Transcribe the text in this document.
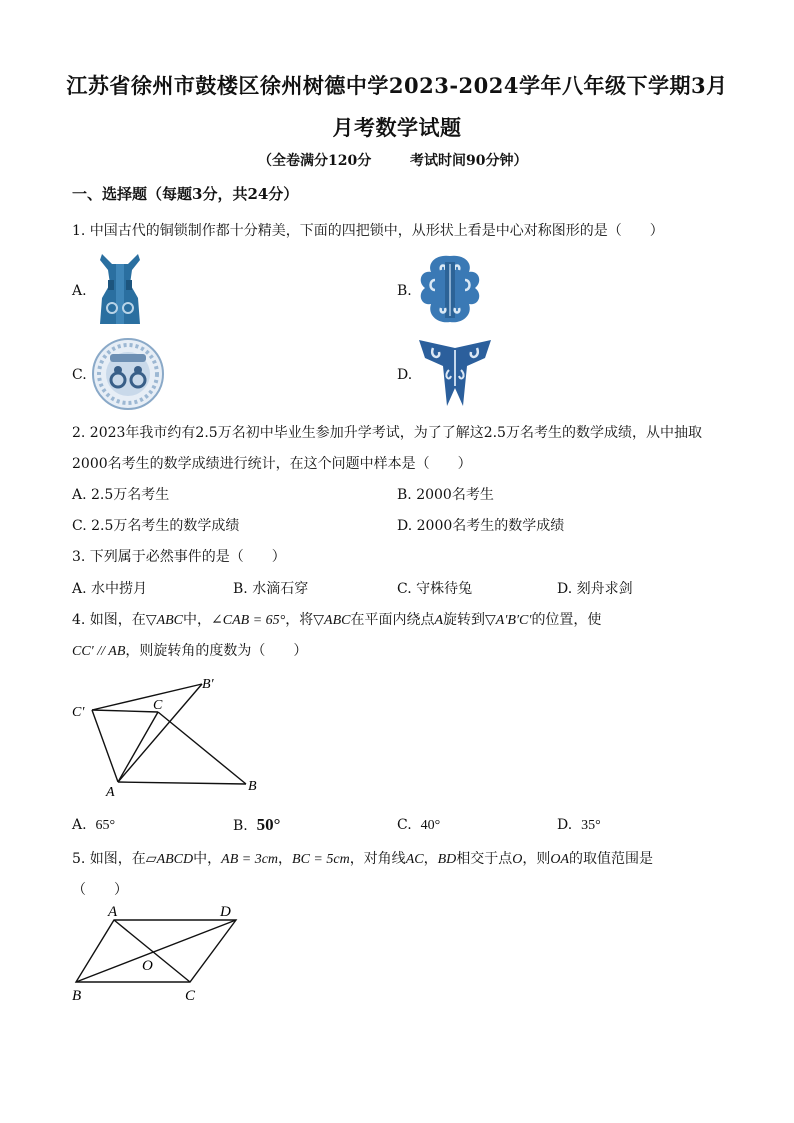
江苏省徐州市鼓楼区徐州树德中学2023-2024学年八年级下学期3月
月考数学试题
（全卷满分120分	考试时间90分钟）
一、选择题（每题3分，共24分）
1. 中国古代的铜锁制作都十分精美，下面的四把锁中，从形状上看是中心对称图形的是（　　）
A.	B.
C.	D.
2. 2023年我市约有2.5万名初中毕业生参加升学考试，为了了解这2.5万名考生的数学成绩，从中抽取
2000名考生的数学成绩进行统计，在这个问题中样本是（　　）
A. 2.5万名考生	B. 2000名考生
C. 2.5万名考生的数学成绩	D. 2000名考生的数学成绩
3. 下列属于必然事件的是（　　）
A. 水中捞月	B. 水滴石穿	C. 守株待兔	D. 刻舟求剑
4. 如图，在▽ABC中，∠CAB = 65°，将▽ABC在平面内绕点A旋转到▽A′B′C′的位置，使
CC′ // AB，则旋转角的度数为（　　）
A	B
C
C′
B′
A. 65°	B. 50°	C. 40°	D. 35°
5. 如图，在▱ABCD中，AB = 3cm，BC = 5cm，对角线AC，BD相交于点O，则OA的取值范围是
（　　）
A	D
B	C
O
